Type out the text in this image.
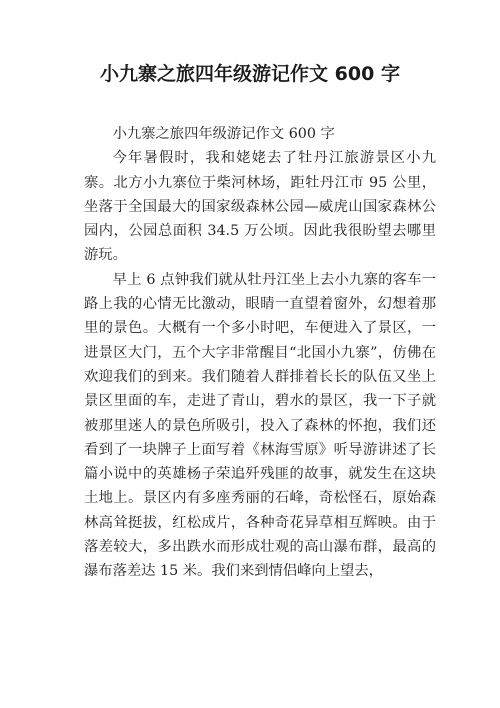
小九寨之旅四年级游记作文 600 字

小九寨之旅四年级游记作文 600 字

今年暑假时，我和姥姥去了牡丹江旅游景区小九寨。北方小九寨位于柴河林场，距牡丹江市 95 公里，坐落于全国最大的国家级森林公园—威虎山国家森林公园内，公园总面积 34.5 万公顷。因此我很盼望去哪里游玩。

早上 6 点钟我们就从牡丹江坐上去小九寨的客车一路上我的心情无比激动，眼睛一直望着窗外，幻想着那里的景色。大概有一个多小时吧，车便进入了景区，一进景区大门，五个大字非常醒目“北国小九寨”，仿佛在欢迎我们的到来。我们随着人群排着长长的队伍又坐上景区里面的车，走进了青山，碧水的景区，我一下子就被那里迷人的景色所吸引，投入了森林的怀抱，我们还看到了一块牌子上面写着《林海雪原》听导游讲述了长篇小说中的英雄杨子荣追歼残匪的故事，就发生在这块土地上。景区内有多座秀丽的石峰，奇松怪石，原始森林高耸挺拔，红松成片，各种奇花异草相互辉映。由于落差较大，多出跌水而形成壮观的高山瀑布群，最高的瀑布落差达 15 米。我们来到情侣峰向上望去，
